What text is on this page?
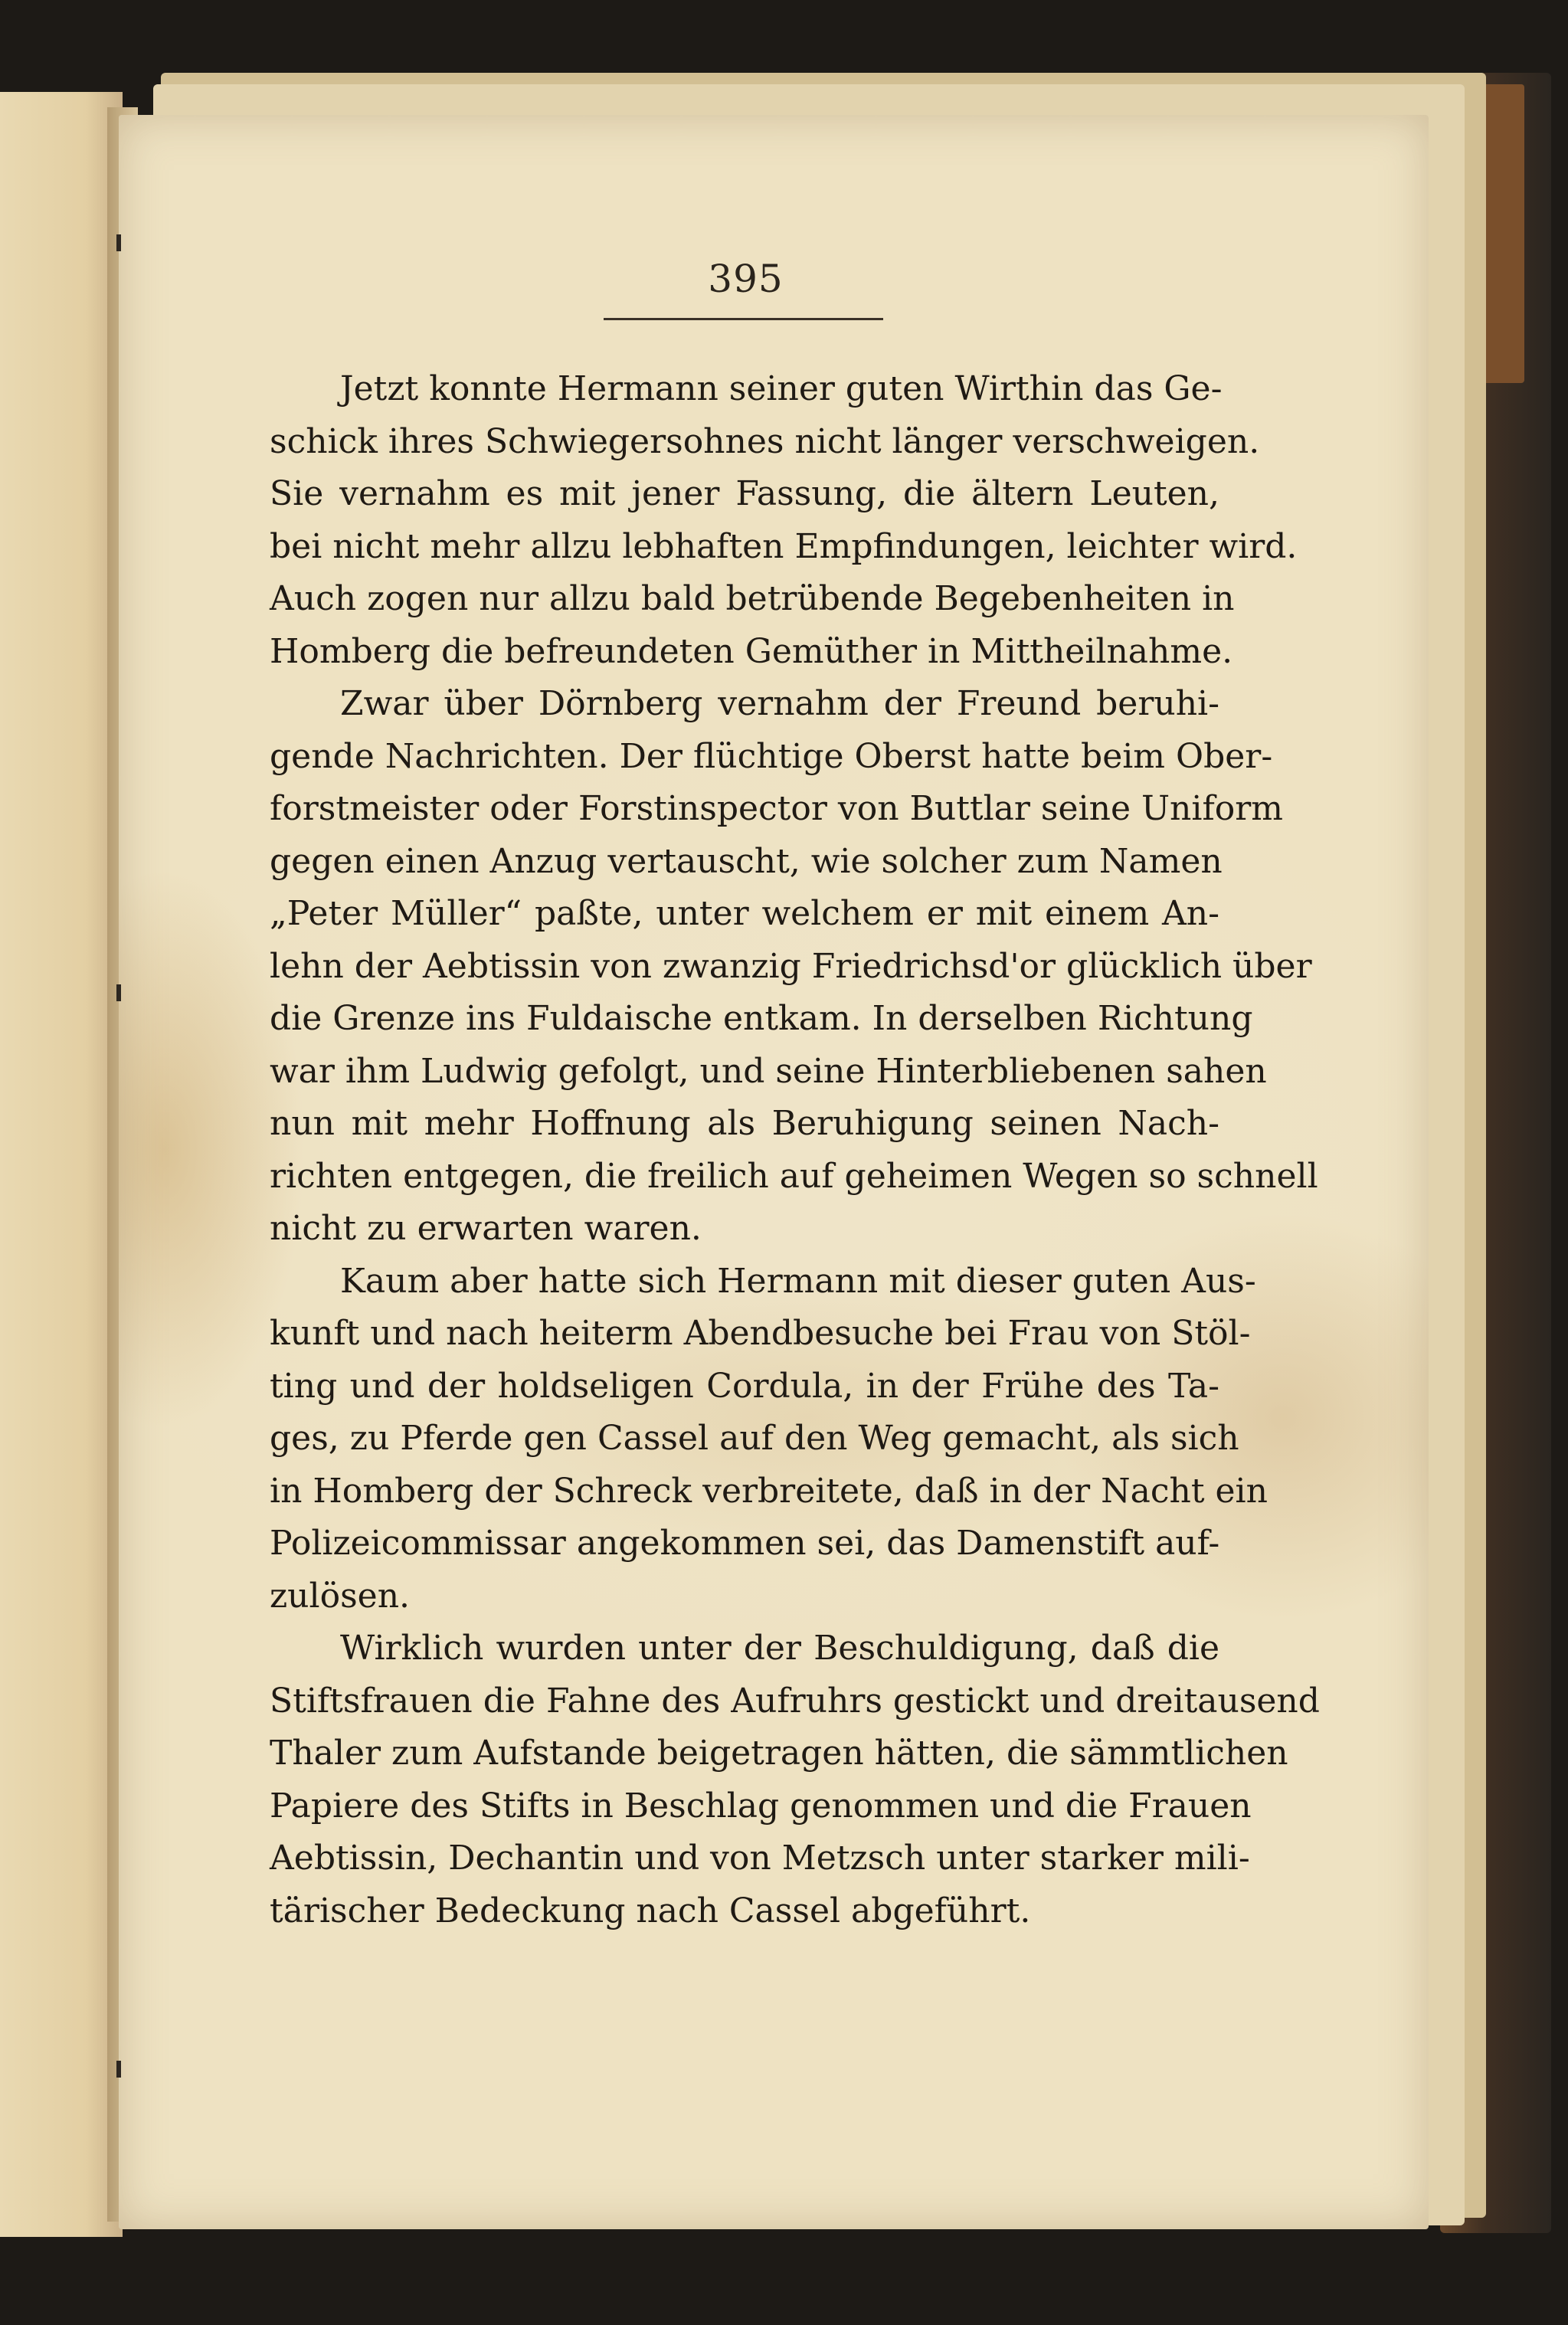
395
Jetzt konnte Hermann seiner guten Wirthin das Ge-
schick ihres Schwiegersohnes nicht länger verschweigen.
Sie vernahm es mit jener Fassung, die ältern Leuten,
bei nicht mehr allzu lebhaften Empfindungen, leichter wird.
Auch zogen nur allzu bald betrübende Begebenheiten in
Homberg die befreundeten Gemüther in Mittheilnahme.
Zwar über Dörnberg vernahm der Freund beruhi-
gende Nachrichten. Der flüchtige Oberst hatte beim Ober-
forstmeister oder Forstinspector von Buttlar seine Uniform
gegen einen Anzug vertauscht, wie solcher zum Namen
„Peter Müller“ paßte, unter welchem er mit einem An-
lehn der Aebtissin von zwanzig Friedrichsd'or glücklich über
die Grenze ins Fuldaische entkam. In derselben Richtung
war ihm Ludwig gefolgt, und seine Hinterbliebenen sahen
nun mit mehr Hoffnung als Beruhigung seinen Nach-
richten entgegen, die freilich auf geheimen Wegen so schnell
nicht zu erwarten waren.
Kaum aber hatte sich Hermann mit dieser guten Aus-
kunft und nach heiterm Abendbesuche bei Frau von Stöl-
ting und der holdseligen Cordula, in der Frühe des Ta-
ges, zu Pferde gen Cassel auf den Weg gemacht, als sich
in Homberg der Schreck verbreitete, daß in der Nacht ein
Polizeicommissar angekommen sei, das Damenstift auf-
zulösen.
Wirklich wurden unter der Beschuldigung, daß die
Stiftsfrauen die Fahne des Aufruhrs gestickt und dreitausend
Thaler zum Aufstande beigetragen hätten, die sämmtlichen
Papiere des Stifts in Beschlag genommen und die Frauen
Aebtissin, Dechantin und von Metzsch unter starker mili-
tärischer Bedeckung nach Cassel abgeführt.
